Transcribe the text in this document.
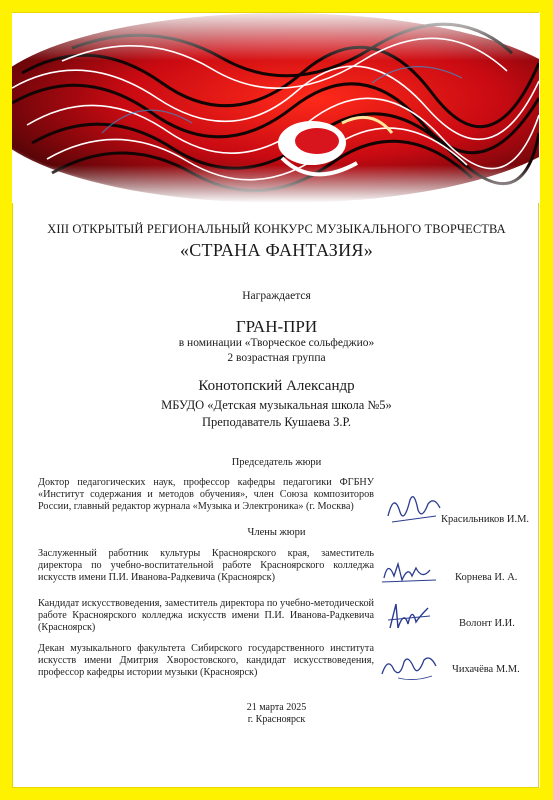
XIII ОТКРЫТЫЙ РЕГИОНАЛЬНЫЙ КОНКУРС МУЗЫКАЛЬНОГО ТВОРЧЕСТВА
«СТРАНА ФАНТАЗИЯ»
Награждается
ГРАН-ПРИ
в номинации «Творческое сольфеджио»
2 возрастная группа
Конотопский Александр
МБУДО «Детская музыкальная школа №5»
Преподаватель Кушаева З.Р.
Председатель жюри
Доктор педагогических наук, профессор кафедры педагогики ФГБНУ «Институт содержания и методов обучения», член Союза композиторов России, главный редактор журнала «Музыка и Электроника» (г. Москва)
Красильников И.М.
Члены жюри
Заслуженный работник культуры Красноярского края, заместитель директора по учебно-воспитательной работе Красноярского колледжа искусств имени П.И. Иванова-Радкевича (Красноярск)	Корнева И. А.
Кандидат искусствоведения, заместитель директора по учебно-методической работе Красноярского колледжа искусств имени П.И. Иванова-Радкевича (Красноярск)	Волонт И.И.
Декан музыкального факультета Сибирского государственного института искусств имени Дмитрия Хворостовского, кандидат искусствоведения, профессор кафедры истории музыки (Красноярск)	Чихачёва М.М.
21 марта 2025
г. Красноярск
